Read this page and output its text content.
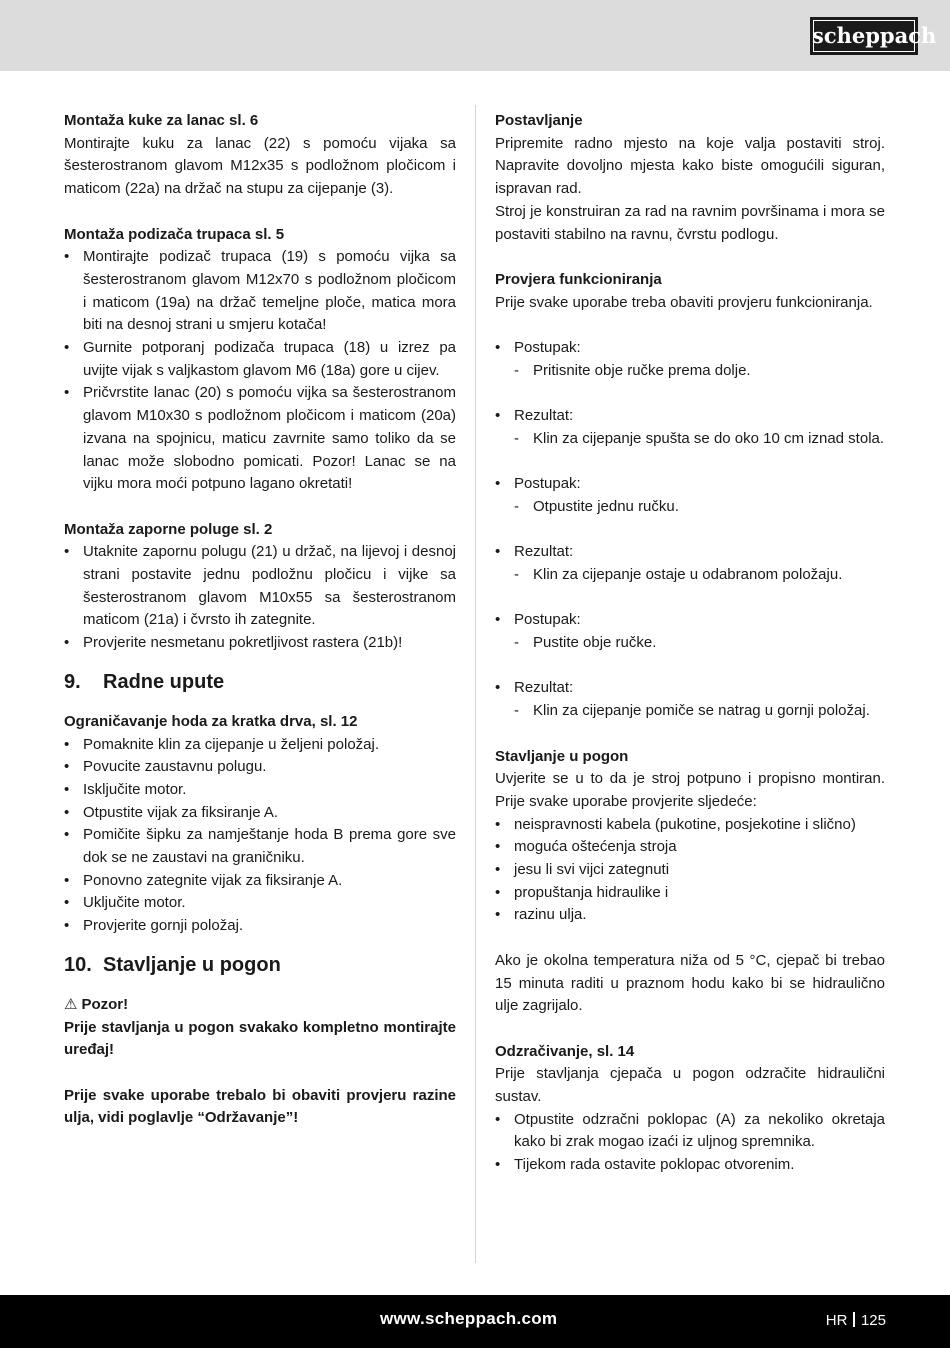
scheppach

Montaža kuke za lanac sl. 6

Montirajte kuku za lanac (22) s pomoću vijaka sa šesterostranom glavom M12x35 s podložnom pločicom i maticom (22a) na držač na stupu za cijepanje (3).

Montaža podizača trupaca sl. 5

• Montirajte podizač trupaca (19) s pomoću vijka sa šesterostranom glavom M12x70 s podložnom pločicom i maticom (19a) na držač temeljne ploče, matica mora biti na desnoj strani u smjeru kotača!
• Gurnite potporanj podizača trupaca (18) u izrez pa uvijte vijak s valjkastom glavom M6 (18a) gore u cijev.
• Pričvrstite lanac (20) s pomoću vijka sa šesterostranom glavom M10x30 s podložnom pločicom i maticom (20a) izvana na spojnicu, maticu zavrnite samo toliko da se lanac može slobodno pomicati. Pozor! Lanac se na vijku mora moći potpuno lagano okretati!

Montaža zaporne poluge sl. 2

• Utaknite zapornu polugu (21) u držač, na lijevoj i desnoj strani postavite jednu podložnu pločicu i vijke sa šesterostranom glavom M10x55 sa šesterostranom maticom (21a) i čvrsto ih zategnite.
• Provjerite nesmetanu pokretljivost rastera (21b)!
9.	Radne upute

Ograničavanje hoda za kratka drva, sl. 12

• Pomaknite klin za cijepanje u željeni položaj.
• Povucite zaustavnu polugu.
• Isključite motor.
• Otpustite vijak za fiksiranje A.
• Pomičite šipku za namještanje hoda B prema gore sve dok se ne zaustavi na graničniku.
• Ponovno zategnite vijak za fiksiranje A.
• Uključite motor.
• Provjerite gornji položaj.
10. Stavljanje u pogon

⚠ Pozor!

Prije stavljanja u pogon svakako kompletno montirajte uređaj!

Prije svake uporabe trebalo bi obaviti provjeru razine ulja, vidi poglavlje “Održavanje”!

Postavljanje

Pripremite radno mjesto na koje valja postaviti stroj. Napravite dovoljno mjesta kako biste omogućili siguran, ispravan rad.

Stroj je konstruiran za rad na ravnim površinama i mora se postaviti stabilno na ravnu, čvrstu podlogu.

Provjera funkcioniranja

Prije svake uporabe treba obaviti provjeru funkcioniranja.

• Postupak:
- Pritisnite obje ručke prema dolje.
• Rezultat:
- Klin za cijepanje spušta se do oko 10 cm iznad stola.
• Postupak:
- Otpustite jednu ručku.
• Rezultat:
- Klin za cijepanje ostaje u odabranom položaju.
• Postupak:
- Pustite obje ručke.
• Rezultat:
- Klin za cijepanje pomiče se natrag u gornji položaj.

Stavljanje u pogon

Uvjerite se u to da je stroj potpuno i propisno montiran. Prije svake uporabe provjerite sljedeće:

• neispravnosti kabela (pukotine, posjekotine i slično)
• moguća oštećenja stroja
• jesu li svi vijci zategnuti
• propuštanja hidraulike i
• razinu ulja.

Ako je okolna temperatura niža od 5 °C, cjepač bi trebao 15 minuta raditi u praznom hodu kako bi se hidraulično ulje zagrijalo.

Odzračivanje, sl. 14

Prije stavljanja cjepača u pogon odzračite hidraulični sustav.

• Otpustite odzračni poklopac (A) za nekoliko okretaja kako bi zrak mogao izaći iz uljnog spremnika.
• Tijekom rada ostavite poklopac otvorenim.
www.scheppach.com	HR 125
